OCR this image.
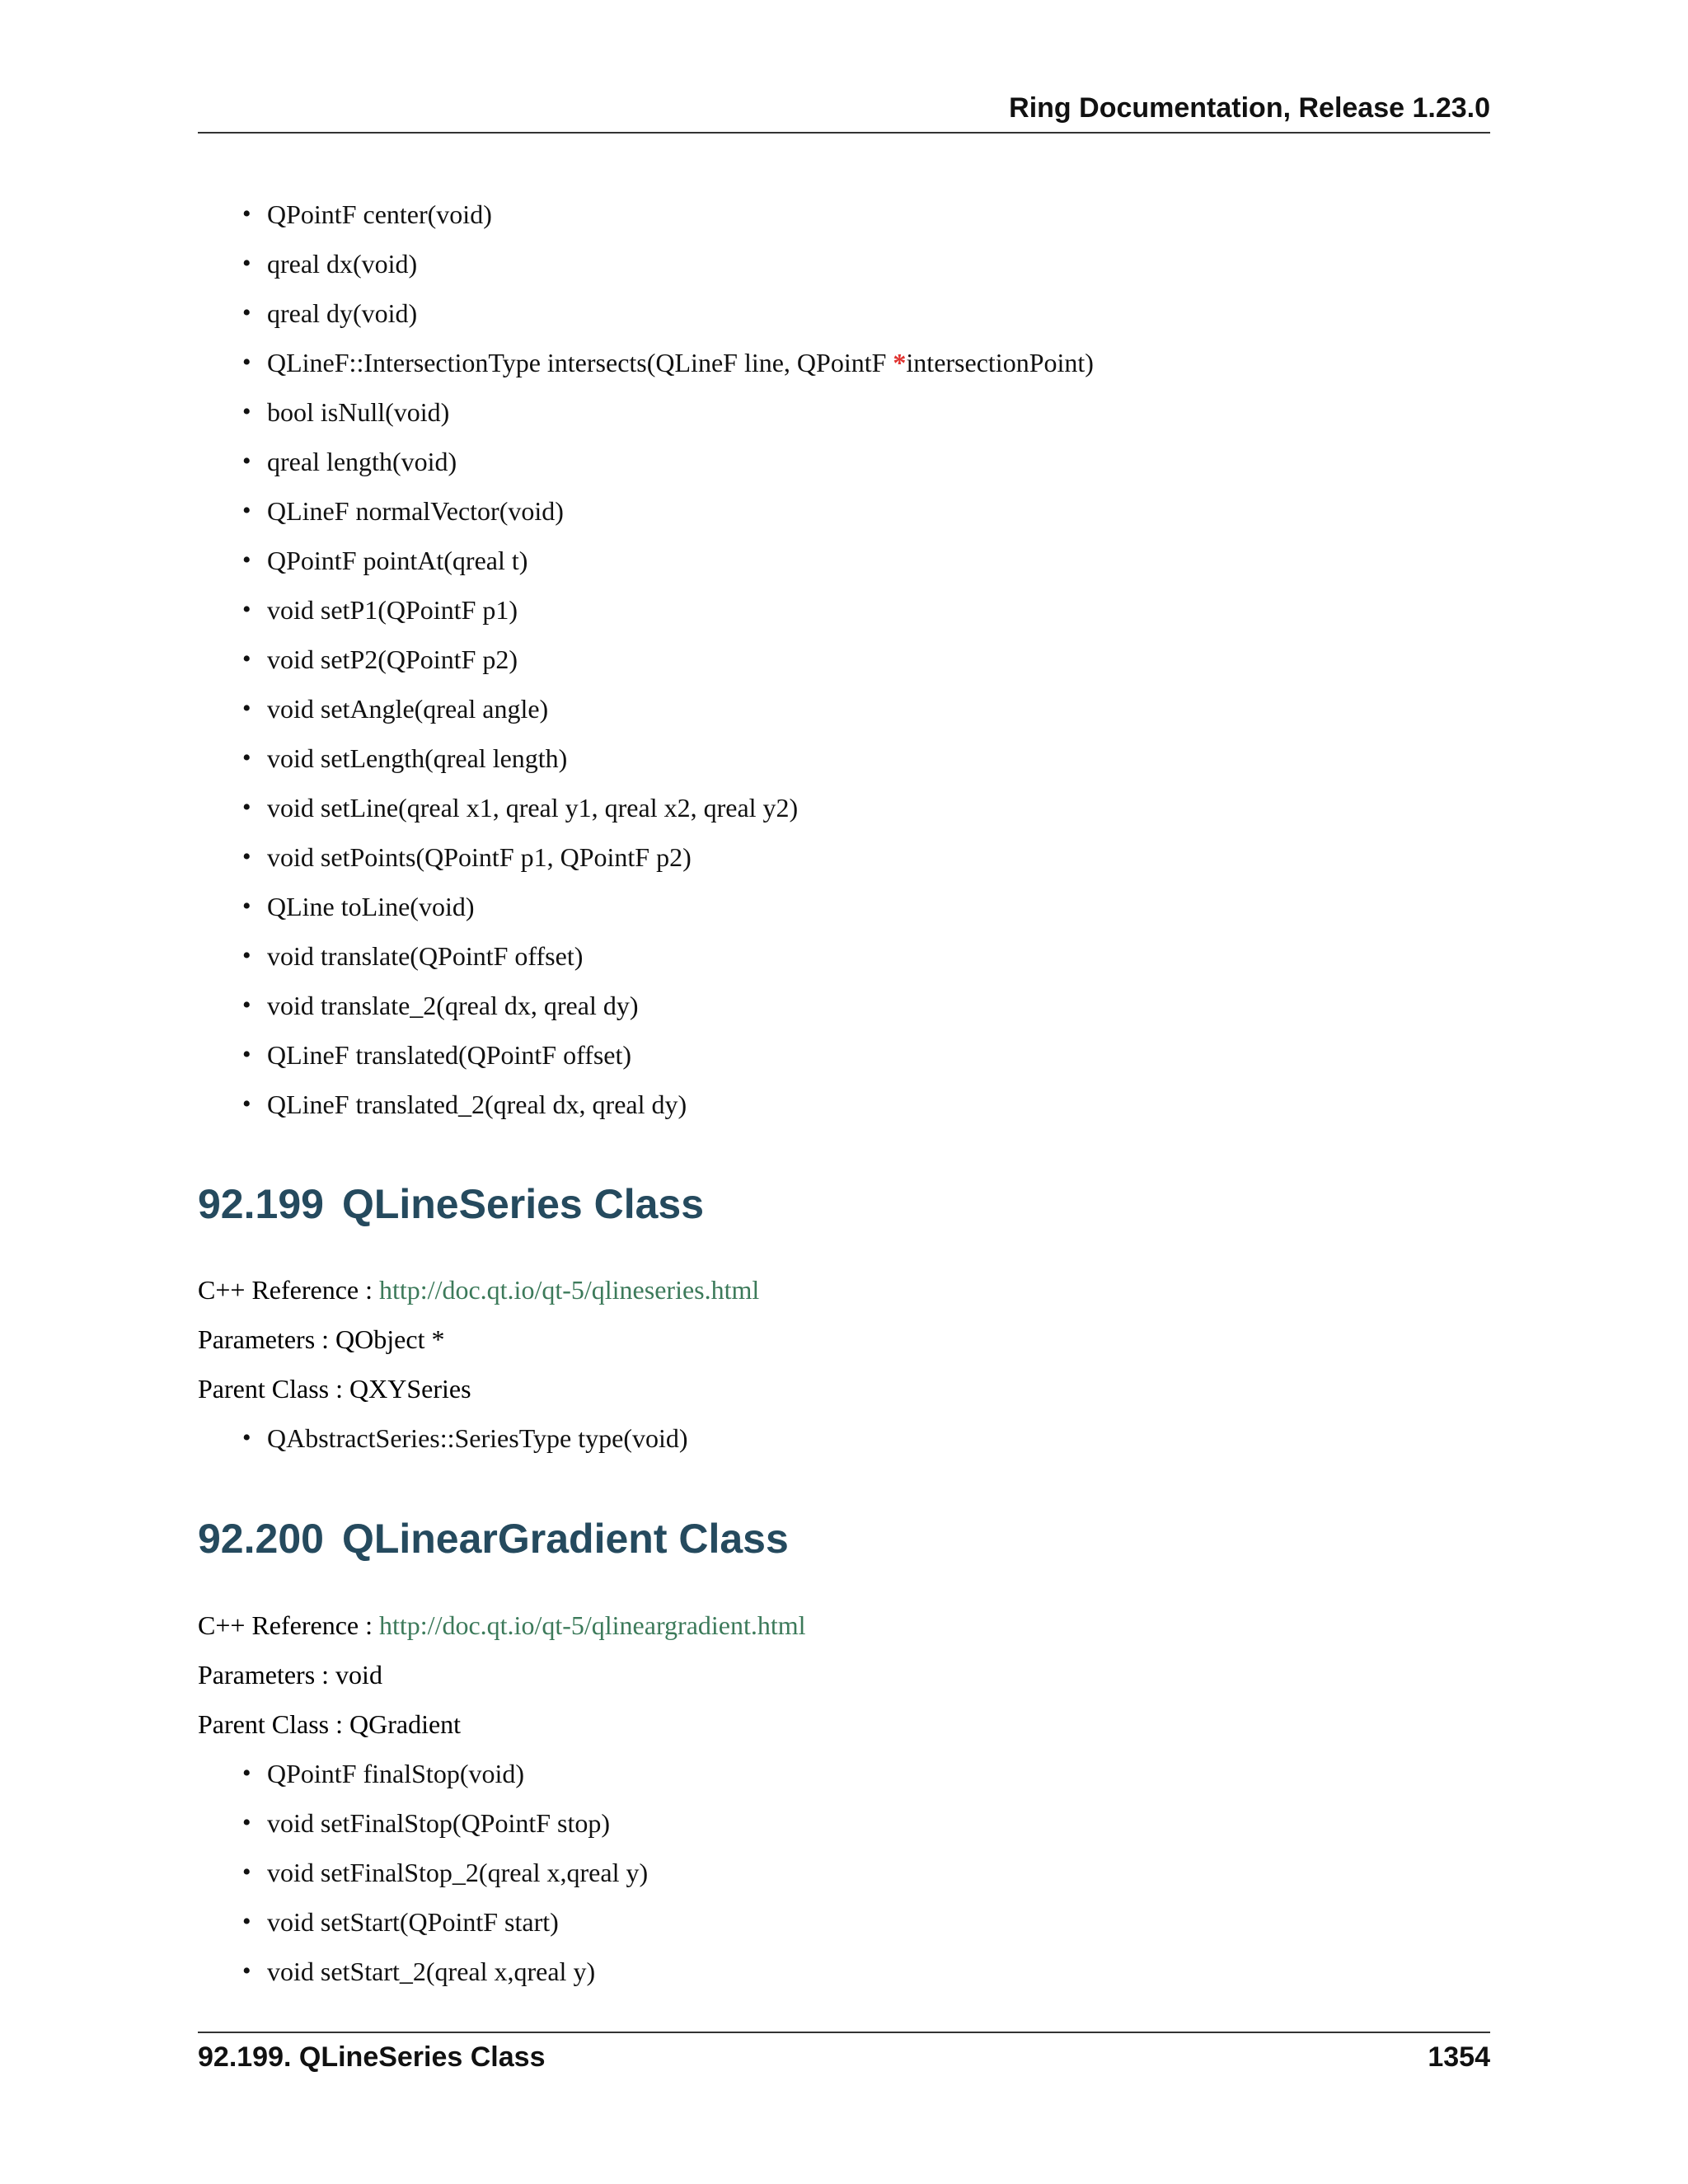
Ring Documentation, Release 1.23.0
• QPointF center(void)
• qreal dx(void)
• qreal dy(void)
• QLineF::IntersectionType intersects(QLineF line, QPointF *intersectionPoint)
• bool isNull(void)
• qreal length(void)
• QLineF normalVector(void)
• QPointF pointAt(qreal t)
• void setP1(QPointF p1)
• void setP2(QPointF p2)
• void setAngle(qreal angle)
• void setLength(qreal length)
• void setLine(qreal x1, qreal y1, qreal x2, qreal y2)
• void setPoints(QPointF p1, QPointF p2)
• QLine toLine(void)
• void translate(QPointF offset)
• void translate_2(qreal dx, qreal dy)
• QLineF translated(QPointF offset)
• QLineF translated_2(qreal dx, qreal dy)
92.199 QLineSeries Class
C++ Reference : http://doc.qt.io/qt-5/qlineseries.html
Parameters : QObject *
Parent Class : QXYSeries
• QAbstractSeries::SeriesType type(void)
92.200 QLinearGradient Class
C++ Reference : http://doc.qt.io/qt-5/qlineargradient.html
Parameters : void
Parent Class : QGradient
• QPointF finalStop(void)
• void setFinalStop(QPointF stop)
• void setFinalStop_2(qreal x,qreal y)
• void setStart(QPointF start)
• void setStart_2(qreal x,qreal y)
92.199. QLineSeries Class	1354
